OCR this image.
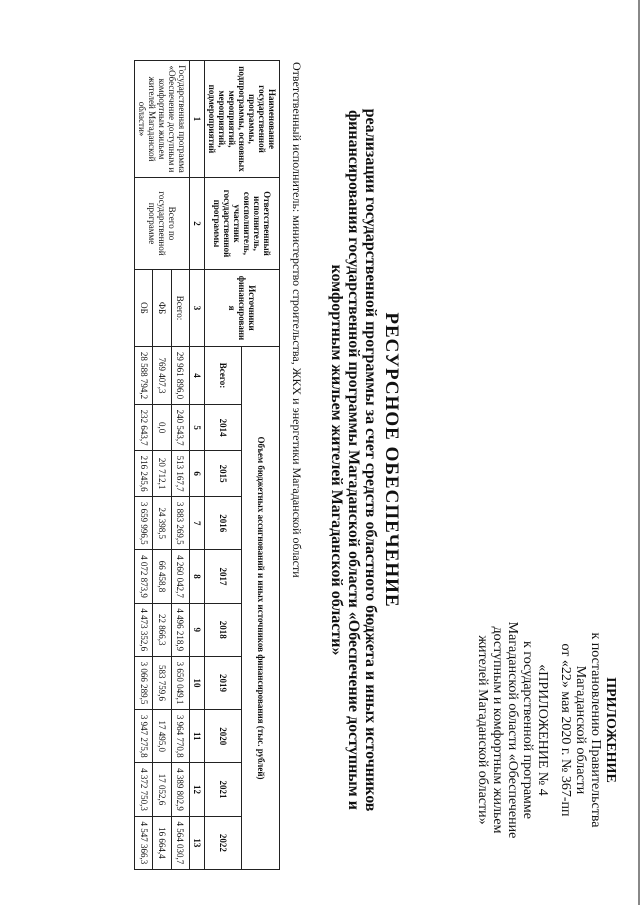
ПРИЛОЖЕНИЕ

к постановлению Правительства

Магаданской области

от «22» мая 2020 г. № 367-пп

«ПРИЛОЖЕНИЕ № 4

к государственной программе

Магаданской области «Обеспечение

доступным и комфортным жильем

жителей Магаданской области»

РЕСУРСНОЕ ОБЕСПЕЧЕНИЕ

реализации государственной программы за счет средств областного бюджета и иных источников

финансирования государственной программы Магаданской области «Обеспечение доступным и

комфортным жильем жителей Магаданской области»

Ответственный исполнитель: министерство строительства, ЖКХ и энергетики Магаданской области
Наименование государственной программы, подпрограммы, основных мероприятий, мероприятий, подмероприятий	Ответственный исполнитель, соисполнитель, участник государственной программы	Источники финансировани я	Объем бюджетных ассигнований и иных источников финансирования (тыс. рублей)									
			Всего:	2014	2015	2016	2017	2018	2019	2020	2021	2022
1	2	3	4	5	6	7	8	9	10	11	12	13
Государственная программа «Обеспечение доступным и комфортным жильем жителей Магаданской области»	Всего по государственной программе	Всего:	29 961 896,0	240 543,7	513 167,7	3 883 269,5	4 260 042,7	4 496 218,9	3 650 049,1	3 964 770,8	4 389 802,9	4 564 030,7
		ФБ	769 407,3	0,0	20 712,1	24 398,5	66 458,8	22 866,3	583 759,6	17 495,0	17 052,6	16 664,4
		ОБ	28 588 794,2	232 643,7	216 245,6	3 659 996,5	4 072 873,9	4 473 352,6	3 066 289,5	3 947 275,8	4 372 750,3	4 547 366,3
